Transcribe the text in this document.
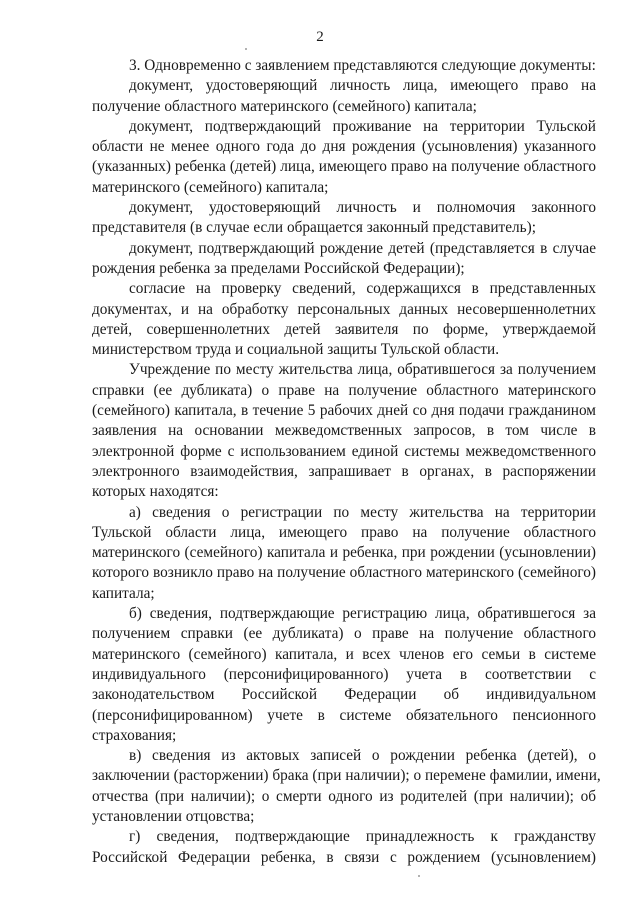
2
3. Одновременно с заявлением представляются следующие документы:
документ, удостоверяющий личность лица, имеющего право на
получение областного материнского (семейного) капитала;
документ, подтверждающий проживание на территории Тульской
области не менее одного года до дня рождения (усыновления) указанного
(указанных) ребенка (детей) лица, имеющего право на получение областного
материнского (семейного) капитала;
документ, удостоверяющий личность и полномочия законного
представителя (в случае если обращается законный представитель);
документ, подтверждающий рождение детей (представляется в случае
рождения ребенка за пределами Российской Федерации);
согласие на проверку сведений, содержащихся в представленных
документах, и на обработку персональных данных несовершеннолетних
детей, совершеннолетних детей заявителя по форме, утверждаемой
министерством труда и социальной защиты Тульской области.
Учреждение по месту жительства лица, обратившегося за получением
справки (ее дубликата) о праве на получение областного материнского
(семейного) капитала, в течение 5 рабочих дней со дня подачи гражданином
заявления на основании межведомственных запросов, в том числе в
электронной форме с использованием единой системы межведомственного
электронного взаимодействия, запрашивает в органах, в распоряжении
которых находятся:
а) сведения о регистрации по месту жительства на территории
Тульской области лица, имеющего право на получение областного
материнского (семейного) капитала и ребенка, при рождении (усыновлении)
которого возникло право на получение областного материнского (семейного)
капитала;
б) сведения, подтверждающие регистрацию лица, обратившегося за
получением справки (ее дубликата) о праве на получение областного
материнского (семейного) капитала, и всех членов его семьи в системе
индивидуального (персонифицированного) учета в соответствии с
законодательством Российской Федерации об индивидуальном
(персонифицированном) учете в системе обязательного пенсионного
страхования;
в) сведения из актовых записей о рождении ребенка (детей), о
заключении (расторжении) брака (при наличии); о перемене фамилии, имени,
отчества (при наличии); о смерти одного из родителей (при наличии); об
установлении отцовства;
г) сведения, подтверждающие принадлежность к гражданству
Российской Федерации ребенка, в связи с рождением (усыновлением)
